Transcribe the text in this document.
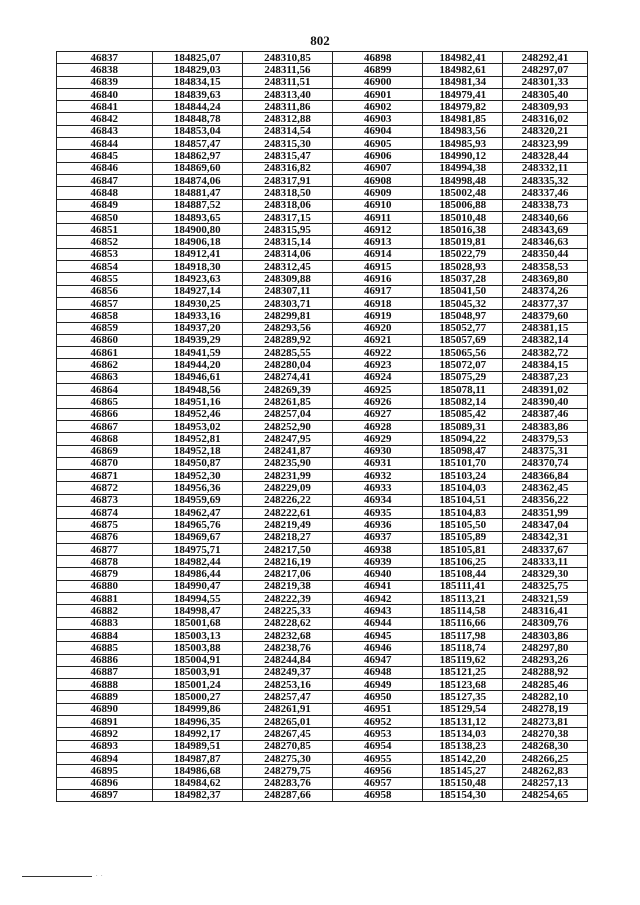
802
46837	184825,07	248310,85	46898	184982,41	248292,41
46838	184829,03	248311,56	46899	184982,61	248297,07
46839	184834,15	248311,51	46900	184981,34	248301,33
46840	184839,63	248313,40	46901	184979,41	248305,40
46841	184844,24	248311,86	46902	184979,82	248309,93
46842	184848,78	248312,88	46903	184981,85	248316,02
46843	184853,04	248314,54	46904	184983,56	248320,21
46844	184857,47	248315,30	46905	184985,93	248323,99
46845	184862,97	248315,47	46906	184990,12	248328,44
46846	184869,60	248316,82	46907	184994,38	248332,11
46847	184874,06	248317,91	46908	184998,48	248335,32
46848	184881,47	248318,50	46909	185002,48	248337,46
46849	184887,52	248318,06	46910	185006,88	248338,73
46850	184893,65	248317,15	46911	185010,48	248340,66
46851	184900,80	248315,95	46912	185016,38	248343,69
46852	184906,18	248315,14	46913	185019,81	248346,63
46853	184912,41	248314,06	46914	185022,79	248350,44
46854	184918,30	248312,45	46915	185028,93	248358,53
46855	184923,63	248309,88	46916	185037,28	248369,80
46856	184927,14	248307,11	46917	185041,50	248374,26
46857	184930,25	248303,71	46918	185045,32	248377,37
46858	184933,16	248299,81	46919	185048,97	248379,60
46859	184937,20	248293,56	46920	185052,77	248381,15
46860	184939,29	248289,92	46921	185057,69	248382,14
46861	184941,59	248285,55	46922	185065,56	248382,72
46862	184944,20	248280,04	46923	185072,07	248384,15
46863	184946,61	248274,41	46924	185075,29	248387,23
46864	184948,56	248269,39	46925	185078,11	248391,02
46865	184951,16	248261,85	46926	185082,14	248390,40
46866	184952,46	248257,04	46927	185085,42	248387,46
46867	184953,02	248252,90	46928	185089,31	248383,86
46868	184952,81	248247,95	46929	185094,22	248379,53
46869	184952,18	248241,87	46930	185098,47	248375,31
46870	184950,87	248235,90	46931	185101,70	248370,74
46871	184952,30	248231,99	46932	185103,24	248366,84
46872	184956,36	248229,09	46933	185104,03	248362,45
46873	184959,69	248226,22	46934	185104,51	248356,22
46874	184962,47	248222,61	46935	185104,83	248351,99
46875	184965,76	248219,49	46936	185105,50	248347,04
46876	184969,67	248218,27	46937	185105,89	248342,31
46877	184975,71	248217,50	46938	185105,81	248337,67
46878	184982,44	248216,19	46939	185106,25	248333,11
46879	184986,44	248217,06	46940	185108,44	248329,30
46880	184990,47	248219,38	46941	185111,41	248325,75
46881	184994,55	248222,39	46942	185113,21	248321,59
46882	184998,47	248225,33	46943	185114,58	248316,41
46883	185001,68	248228,62	46944	185116,66	248309,76
46884	185003,13	248232,68	46945	185117,98	248303,86
46885	185003,88	248238,76	46946	185118,74	248297,80
46886	185004,91	248244,84	46947	185119,62	248293,26
46887	185003,91	248249,37	46948	185121,25	248288,92
46888	185001,24	248253,16	46949	185123,68	248285,46
46889	185000,27	248257,47	46950	185127,35	248282,10
46890	184999,86	248261,91	46951	185129,54	248278,19
46891	184996,35	248265,01	46952	185131,12	248273,81
46892	184992,17	248267,45	46953	185134,03	248270,38
46893	184989,51	248270,85	46954	185138,23	248268,30
46894	184987,87	248275,30	46955	185142,20	248266,25
46895	184986,68	248279,75	46956	185145,27	248262,83
46896	184984,62	248283,76	46957	185150,48	248257,13
46897	184982,37	248287,66	46958	185154,30	248254,65
. .
